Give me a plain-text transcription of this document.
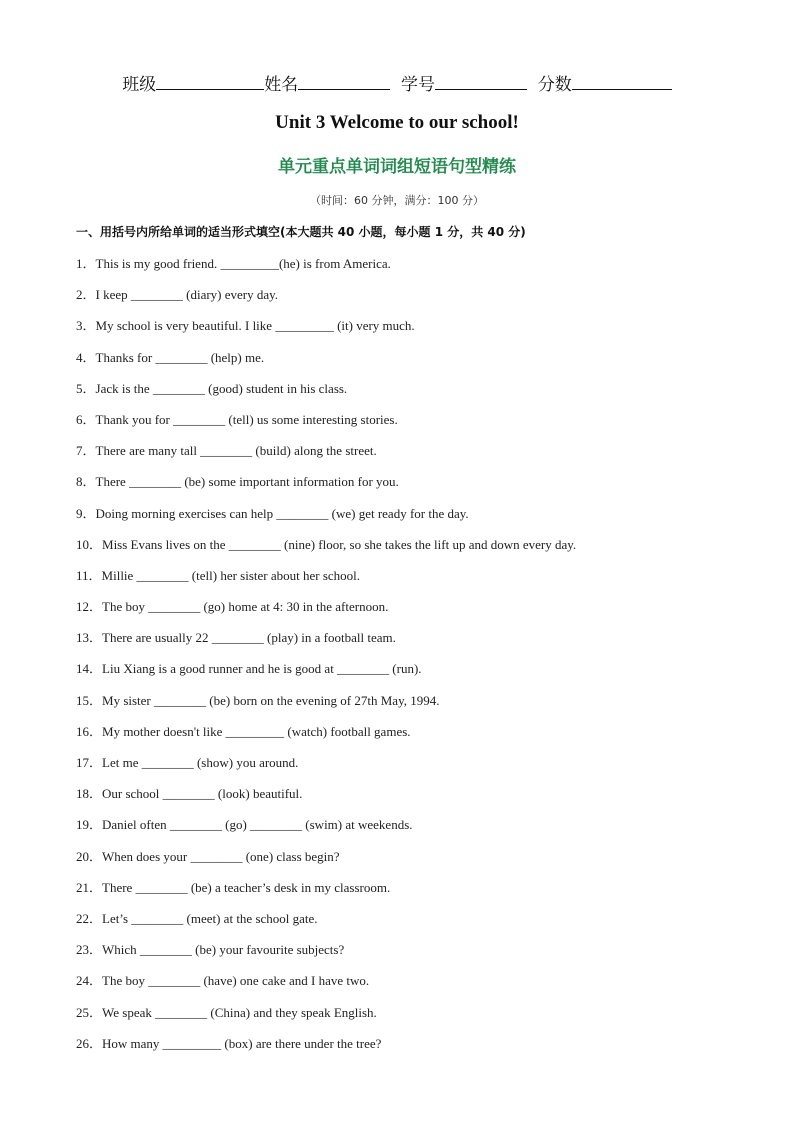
班级	姓名	学号	分数
Unit 3 Welcome to our school!
单元重点单词词组短语句型精练
（时间：60 分钟，满分：100 分）
一、用括号内所给单词的适当形式填空(本大题共 40 小题，每小题 1 分，共 40 分)
1．This is my good friend. _________(he) is from America.
2．I keep ________ (diary) every day.
3．My school is very beautiful. I like _________ (it) very much.
4．Thanks for ________ (help) me.
5．Jack is the ________ (good) student in his class.
6．Thank you for ________ (tell) us some interesting stories.
7．There are many tall ________ (build) along the street.
8．There ________ (be) some important information for you.
9．Doing morning exercises can help ________ (we) get ready for the day.
10．Miss Evans lives on the ________ (nine) floor, so she takes the lift up and down every day.
11．Millie ________ (tell) her sister about her school.
12．The boy ________ (go) home at 4: 30 in the afternoon.
13．There are usually 22 ________ (play) in a football team.
14．Liu Xiang is a good runner and he is good at ________ (run).
15．My sister ________ (be) born on the evening of 27th May, 1994.
16．My mother doesn't like _________ (watch) football games.
17．Let me ________ (show) you around.
18．Our school ________ (look) beautiful.
19．Daniel often ________ (go) ________ (swim) at weekends.
20．When does your ________ (one) class begin?
21．There ________ (be) a teacher’s desk in my classroom.
22．Let’s ________ (meet) at the school gate.
23．Which ________ (be) your favourite subjects?
24．The boy ________ (have) one cake and I have two.
25．We speak ________ (China) and they speak English.
26．How many _________ (box) are there under the tree?
